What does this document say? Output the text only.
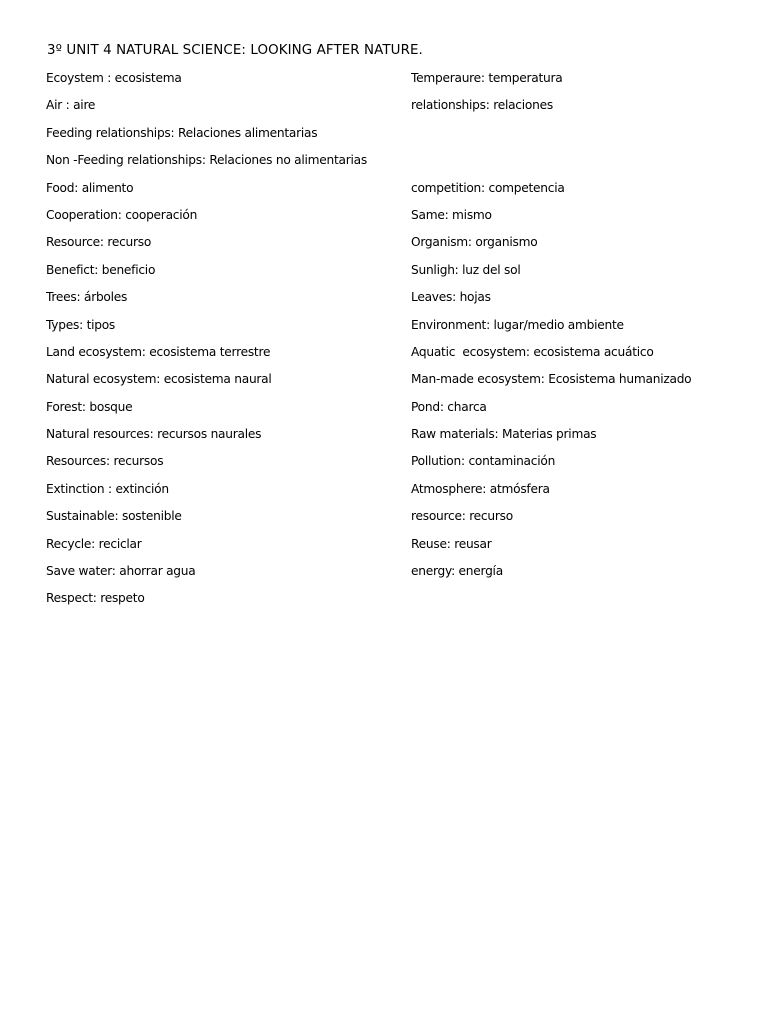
3º UNIT 4 NATURAL SCIENCE: LOOKING AFTER NATURE.
Ecoystem : ecosistema	Temperaure: temperatura
Air : aire	relationships: relaciones
Feeding relationships: Relaciones alimentarias
Non -Feeding relationships: Relaciones no alimentarias
Food: alimento	competition: competencia
Cooperation: cooperación	Same: mismo
Resource: recurso	Organism: organismo
Benefict: beneficio	Sunligh: luz del sol
Trees: árboles	Leaves: hojas
Types: tipos	Environment: lugar/medio ambiente
Land ecosystem: ecosistema terrestre	Aquatic  ecosystem: ecosistema acuático
Natural ecosystem: ecosistema naural	Man-made ecosystem: Ecosistema humanizado
Forest: bosque	Pond: charca
Natural resources: recursos naurales	Raw materials: Materias primas
Resources: recursos	Pollution: contaminación
Extinction : extinción	Atmosphere: atmósfera
Sustainable: sostenible	resource: recurso
Recycle: reciclar	Reuse: reusar
Save water: ahorrar agua	energy: energía
Respect: respeto
